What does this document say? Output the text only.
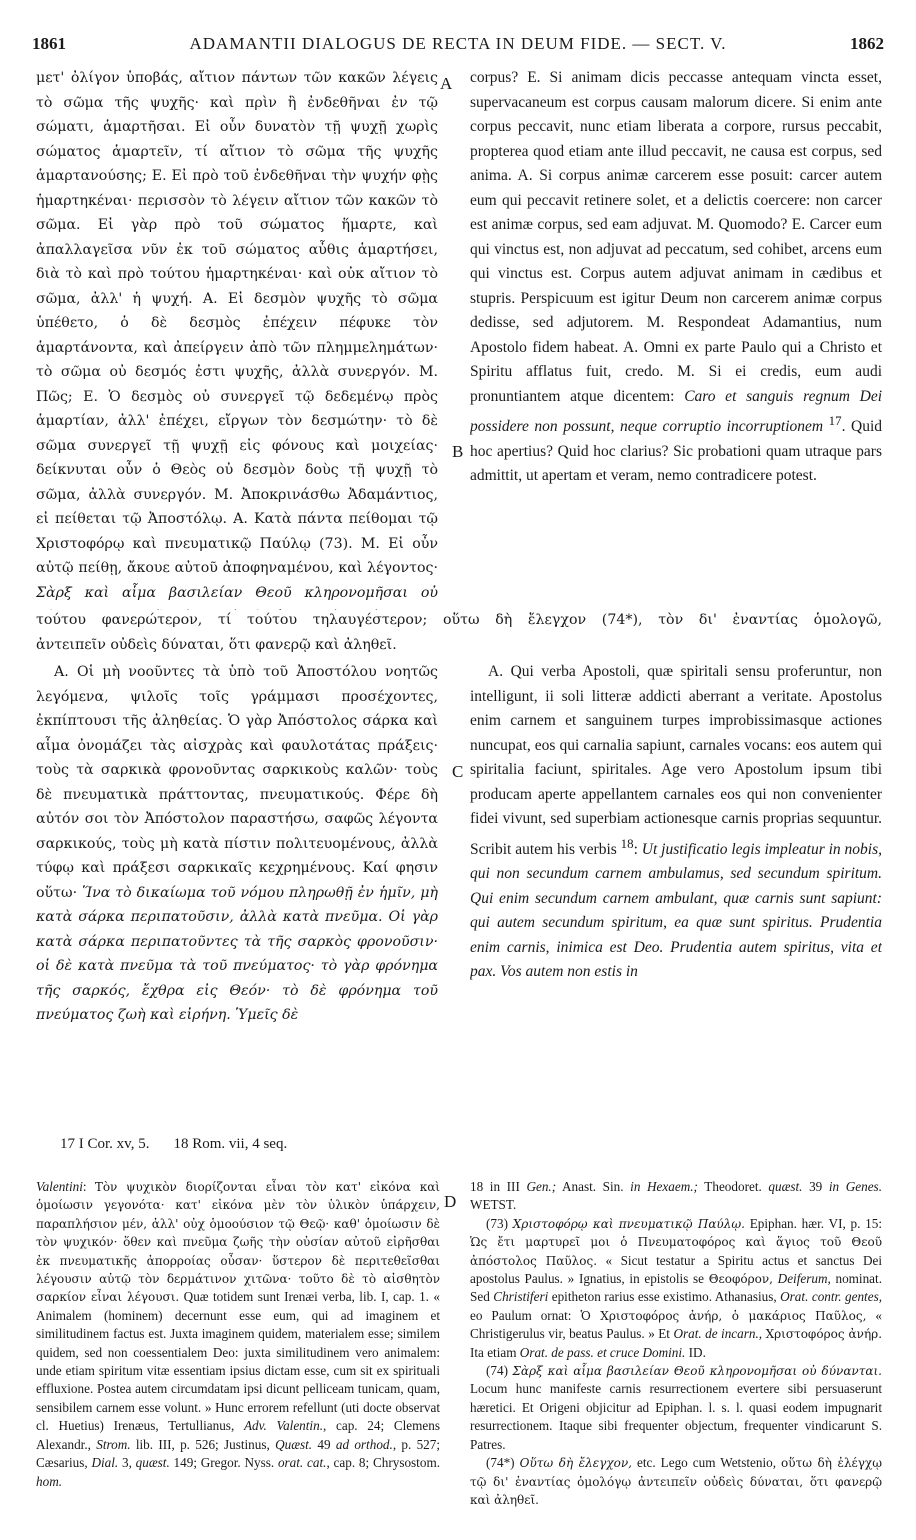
1861	ADAMANTII DIALOGUS DE RECTA IN DEUM FIDE. — SECT. V.	1862
A
B
C
D

μετ' ὀλίγον ὑποβάς, αἴτιον πάντων τῶν κακῶν λέγεις τὸ σῶμα τῆς ψυχῆς· καὶ πρὶν ἢ ἐνδεθῆναι ἐν τῷ σώματι, ἁμαρτῆσαι. Εἰ οὖν δυνατὸν τῇ ψυχῇ χωρὶς σώματος ἁμαρτεῖν, τί αἴτιον τὸ σῶμα τῆς ψυχῆς ἁμαρτανούσης; Ε. Εἰ πρὸ τοῦ ἐνδεθῆναι τὴν ψυχήν φῂς ἡμαρτηκέναι· περισσὸν τὸ λέγειν αἴτιον τῶν κακῶν τὸ σῶμα. Εἰ γὰρ πρὸ τοῦ σώματος ἥμαρτε, καὶ ἀπαλλαγεῖσα νῦν ἐκ τοῦ σώματος αὖθις ἁμαρτήσει, διὰ τὸ καὶ πρὸ τούτου ἡμαρτηκέναι· καὶ οὐκ αἴτιον τὸ σῶμα, ἀλλ' ἡ ψυχή. Α. Εἰ δεσμὸν ψυχῆς τὸ σῶμα ὑπέθετο, ὁ δὲ δεσμὸς ἐπέχειν πέφυκε τὸν ἁμαρτάνοντα, καὶ ἀπείργειν ἀπὸ τῶν πλημμελημάτων· τὸ σῶμα οὐ δεσμός ἐστι ψυχῆς, ἀλλὰ συνεργόν. Μ. Πῶς; Ε. Ὁ δεσμὸς οὐ συνεργεῖ τῷ δεδεμένῳ πρὸς ἁμαρτίαν, ἀλλ' ἐπέχει, εἴργων τὸν δεσμώτην· τὸ δὲ σῶμα συνεργεῖ τῇ ψυχῇ εἰς φόνους καὶ μοιχείας· δείκνυται οὖν ὁ Θεὸς οὐ δεσμὸν δοὺς τῇ ψυχῇ τὸ σῶμα, ἀλλὰ συνεργόν. Μ. Ἀποκρινάσθω Ἀδαμάντιος, εἰ πείθεται τῷ Ἀποστόλῳ. Α. Κατὰ πάντα πείθομαι τῷ Χριστοφόρῳ καὶ πνευματικῷ Παύλῳ (73). Μ. Εἰ οὖν αὐτῷ πείθῃ, ἄκουε αὐτοῦ ἀποφηναμένου, καὶ λέγοντος· Σὰρξ καὶ αἷμα βασιλείαν Θεοῦ κληρονομῆσαι οὐ

corpus? E. Si animam dicis peccasse antequam vincta esset, supervacaneum est corpus causam malorum dicere. Si enim ante corpus peccavit, nunc etiam liberata a corpore, rursus peccabit, propterea quod etiam ante illud peccavit, ne causa est corpus, sed anima. A. Si corpus animæ carcerem esse posuit: carcer autem eum qui peccavit retinere solet, et a delictis coercere: non carcer est animæ corpus, sed eam adjuvat. M. Quomodo? E. Carcer eum qui vinctus est, non adjuvat ad peccatum, sed cohibet, arcens eum qui vinctus est. Corpus autem adjuvat animam in cædibus et stupris. Perspicuum est igitur Deum non carcerem animæ corpus dedisse, sed adjutorem. M. Respondeat Adamantius, num Apostolo fidem habeat. A. Omni ex parte Paulo qui a Christo et Spiritu afflatus fuit, credo. M. Si ei credis, eum audi pronuntiantem atque dicentem: Caro et sanguis regnum Dei possidere non possunt, neque corruptio incorruptionem $^{17}$. Quid hoc apertius? Quid hoc clarius? Sic probationi quam utraque pars admittit, ut apertam et veram, nemo contradicere potest.

τούτου φανερώτερον, τί τούτου τηλαυγέστερον; οὕτω δὴ ἔλεγχον (74*), τὸν δι' ἐναντίας ὁμολογῶ,

ἀντειπεῖν οὐδεὶς δύναται, ὅτι φανερῷ καὶ ἀληθεῖ.

Α. Οἱ μὴ νοοῦντες τὰ ὑπὸ τοῦ Ἀποστόλου νοητῶς λεγόμενα, ψιλοῖς τοῖς γράμμασι προσέχοντες, ἐκπίπτουσι τῆς ἀληθείας. Ὁ γὰρ Ἀπόστολος σάρκα καὶ αἷμα ὀνομάζει τὰς αἰσχρὰς καὶ φαυλοτάτας πράξεις· τοὺς τὰ σαρκικὰ φρονοῦντας σαρκικοὺς καλῶν· τοὺς δὲ πνευματικὰ πράττοντας, πνευματικούς. Φέρε δὴ αὐτόν σοι τὸν Ἀπόστολον παραστήσω, σαφῶς λέγοντα σαρκικούς, τοὺς μὴ κατὰ πίστιν πολιτευομένους, ἀλλὰ τύφῳ καὶ πράξεσι σαρκικαῖς κεχρημένους. Καί φησιν οὕτω· Ἵνα τὸ δικαίωμα τοῦ νόμου πληρωθῇ ἐν ἡμῖν, μὴ κατὰ σάρκα περιπατοῦσιν, ἀλλὰ κατὰ πνεῦμα. Οἱ γὰρ κατὰ σάρκα περιπατοῦντες τὰ τῆς σαρκὸς φρονοῦσιν· οἱ δὲ κατὰ πνεῦμα τὰ τοῦ πνεύματος· τὸ γὰρ φρόνημα τῆς σαρκός, ἔχθρα εἰς Θεόν· τὸ δὲ φρόνημα τοῦ πνεύματος ζωὴ καὶ εἰρήνη. Ὑμεῖς δὲ

A. Qui verba Apostoli, quæ spiritali sensu proferuntur, non intelligunt, ii soli litteræ addicti aberrant a veritate. Apostolus enim carnem et sanguinem turpes improbissimasque actiones nuncupat, eos qui carnalia sapiunt, carnales vocans: eos autem qui spiritalia faciunt, spiritales. Age vero Apostolum ipsum tibi producam aperte appellantem carnales eos qui non convenienter fidei vivunt, sed superbiam actionesque carnis proprias sequuntur. Scribit autem his verbis $^{18}$: Ut justificatio legis impleatur in nobis, qui non secundum carnem ambulamus, sed secundum spiritum. Qui enim secundum carnem ambulant, quæ carnis sunt sapiunt: qui autem secundum spiritum, ea quæ sunt spiritus. Prudentia enim carnis, inimica est Deo. Prudentia autem spiritus, vita et pax. Vos autem non estis in

17 I Cor. xv, 5. 18 Rom. vii, 4 seq.

Valentini: Τὸν ψυχικὸν διορίζονται εἶναι τὸν κατ' εἰκόνα καὶ ὁμοίωσιν γεγονότα· κατ' εἰκόνα μὲν τὸν ὑλικὸν ὑπάρχειν, παραπλήσιον μέν, ἀλλ' οὐχ ὁμοούσιον τῷ Θεῷ· καθ' ὁμοίωσιν δὲ τὸν ψυχικόν· ὅθεν καὶ πνεῦμα ζωῆς τὴν οὐσίαν αὐτοῦ εἰρῆσθαι ἐκ πνευματικῆς ἀπορροίας οὖσαν· ὕστερον δὲ περιτεθεῖσθαι λέγουσιν αὐτῷ τὸν δερμάτινον χιτῶνα· τοῦτο δὲ τὸ αἰσθητὸν σαρκίον εἶναι λέγουσι. Quæ totidem sunt Irenæi verba, lib. I, cap. 1. « Animalem (hominem) decernunt esse eum, qui ad imaginem et similitudinem factus est. Juxta imaginem quidem, materialem esse; similem quidem, sed non coessentialem Deo: juxta similitudinem vero animalem: unde etiam spiritum vitæ essentiam ipsius dictam esse, cum sit ex spirituali effluxione. Postea autem circumdatam ipsi dicunt pelliceam tunicam, quam, sensibilem carnem esse volunt. » Hunc errorem refellunt (uti docte observat cl. Huetius) Irenæus, Tertullianus, Adv. Valentin., cap. 24; Clemens Alexandr., Strom. lib. III, p. 526; Justinus, Quæst. 49 ad orthod., p. 527; Cæsarius, Dial. 3, quæst. 149; Gregor. Nyss. orat. cat., cap. 8; Chrysostom. hom.

18 in III Gen.; Anast. Sin. in Hexaem.; Theodoret. quæst. 39 in Genes. WETST.

(73) Χριστοφόρῳ καὶ πνευματικῷ Παύλῳ. Epiphan. hær. VI, p. 15: Ὡς ἔτι μαρτυρεῖ μοι ὁ Πνευματοφόρος καὶ ἅγιος τοῦ Θεοῦ ἀπόστολος Παῦλος. « Sicut testatur a Spiritu actus et sanctus Dei apostolus Paulus. » Ignatius, in epistolis se Θεοφόρον, Deiferum, nominat. Sed Christiferi epitheton rarius esse existimo. Athanasius, Orat. contr. gentes, eo Paulum ornat: Ὁ Χριστοφόρος ἀνήρ, ὁ μακάριος Παῦλος, « Christigerulus vir, beatus Paulus. » Et Orat. de incarn., Χριστοφόρος ἀνήρ. Ita etiam Orat. de pass. et cruce Domini. ID.

(74) Σὰρξ καὶ αἷμα βασιλείαν Θεοῦ κληρονομῆσαι οὐ δύνανται. Locum hunc manifeste carnis resurrectionem evertere sibi persuaserunt hæretici. Et Origeni objicitur ad Epiphan. l. s. l. quasi eodem impugnarit resurrectionem. Itaque sibi frequenter objectum, frequenter vindicarunt S. Patres.

(74*) Οὕτω δὴ ἔλεγχον, etc. Lego cum Wetstenio, οὕτω δὴ ἐλέγχῳ τῷ δι' ἐναντίας ὁμολόγῳ ἀντειπεῖν οὐδεὶς δύναται, ὅτι φανερῷ καὶ ἀληθεῖ.
